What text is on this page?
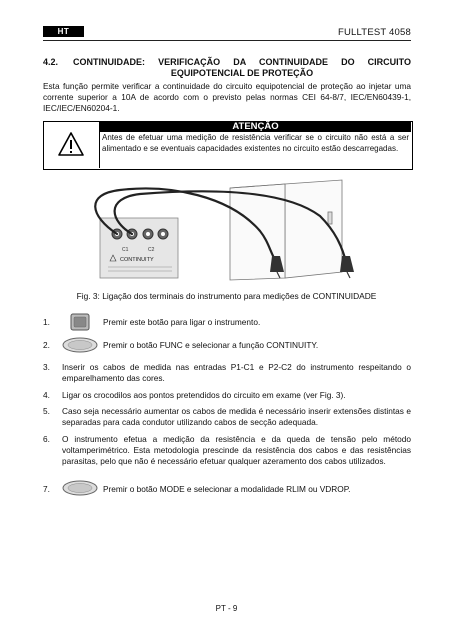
HT	FULLTEST 4058
4.2. CONTINUIDADE: VERIFICAÇÃO DA CONTINUIDADE DO CIRCUITO
EQUIPOTENCIAL DE PROTEÇÃO
Esta função permite verificar a continuidade do circuito equipotencial de proteção ao injetar uma corrente superior a 10A de acordo com o previsto pelas normas CEI 64-8/7, IEC/EN60439-1, IEC/IEC/EN60204-1.
ATENÇÃO
Antes de efetuar uma medição de resistência verificar se o circuito não está a ser alimentado e se eventuais capacidades existentes no circuito estão descarregadas.
C1	C2
CONTINUITY
Fig. 3: Ligação dos terminais do instrumento para medições de CONTINUIDADE
1.	Premir este botão para ligar o instrumento.
2.	Premir o botão FUNC e selecionar a função CONTINUITY.
3. Inserir os cabos de medida nas entradas P1-C1 e P2-C2 do instrumento respeitando o emparelhamento das cores.
4. Ligar os crocodilos aos pontos pretendidos do circuito em exame (ver Fig. 3).
5. Caso seja necessário aumentar os cabos de medida é necessário inserir extensões distintas e separadas para cada condutor utilizando cabos de secção adequada.
6. O instrumento efetua a medição da resistência e da queda de tensão pelo método voltamperimétrico. Esta metodologia prescinde da resistência dos cabos e das resistências parasitas, pelo que não é necessário efetuar qualquer azeramento dos cabos utilizados.
7.	Premir o botão MODE e selecionar a modalidade RLIM ou VDROP.
PT - 9
